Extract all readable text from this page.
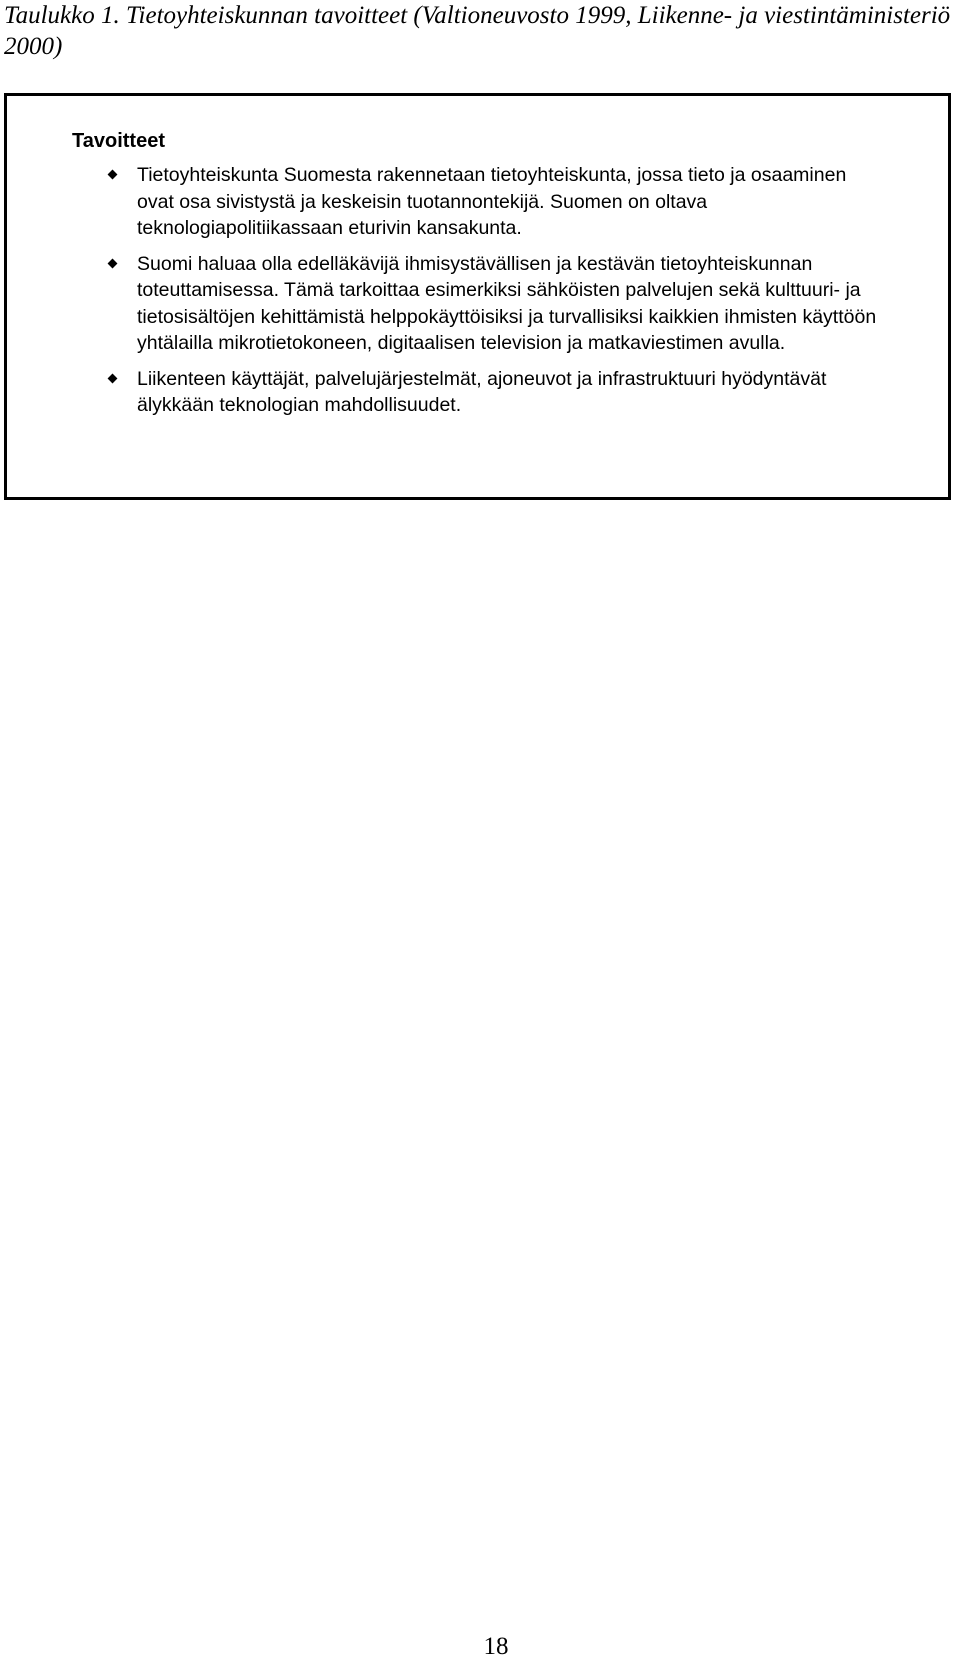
Taulukko 1. Tietoyhteiskunnan tavoitteet (Valtioneuvosto 1999, Liikenne- ja viestintäministeriö 2000)

Tavoitteet

Tietoyhteiskunta Suomesta rakennetaan tietoyhteiskunta, jossa tieto ja osaaminen ovat osa sivistystä ja keskeisin tuotannontekijä. Suomen on oltava teknologiapolitiikassaan eturivin kansakunta.
Suomi haluaa olla edelläkävijä ihmisystävällisen ja kestävän tietoyhteiskunnan toteuttamisessa. Tämä tarkoittaa esimerkiksi sähköisten palvelujen sekä kulttuuri- ja tietosisältöjen kehittämistä helppokäyttöisiksi ja turvallisiksi kaikkien ihmisten käyttöön yhtälailla mikrotietokoneen, digitaalisen television ja matkaviestimen avulla.
Liikenteen käyttäjät, palvelujärjestelmät, ajoneuvot ja infrastruktuuri hyödyntävät älykkään teknologian mahdollisuudet.

18
